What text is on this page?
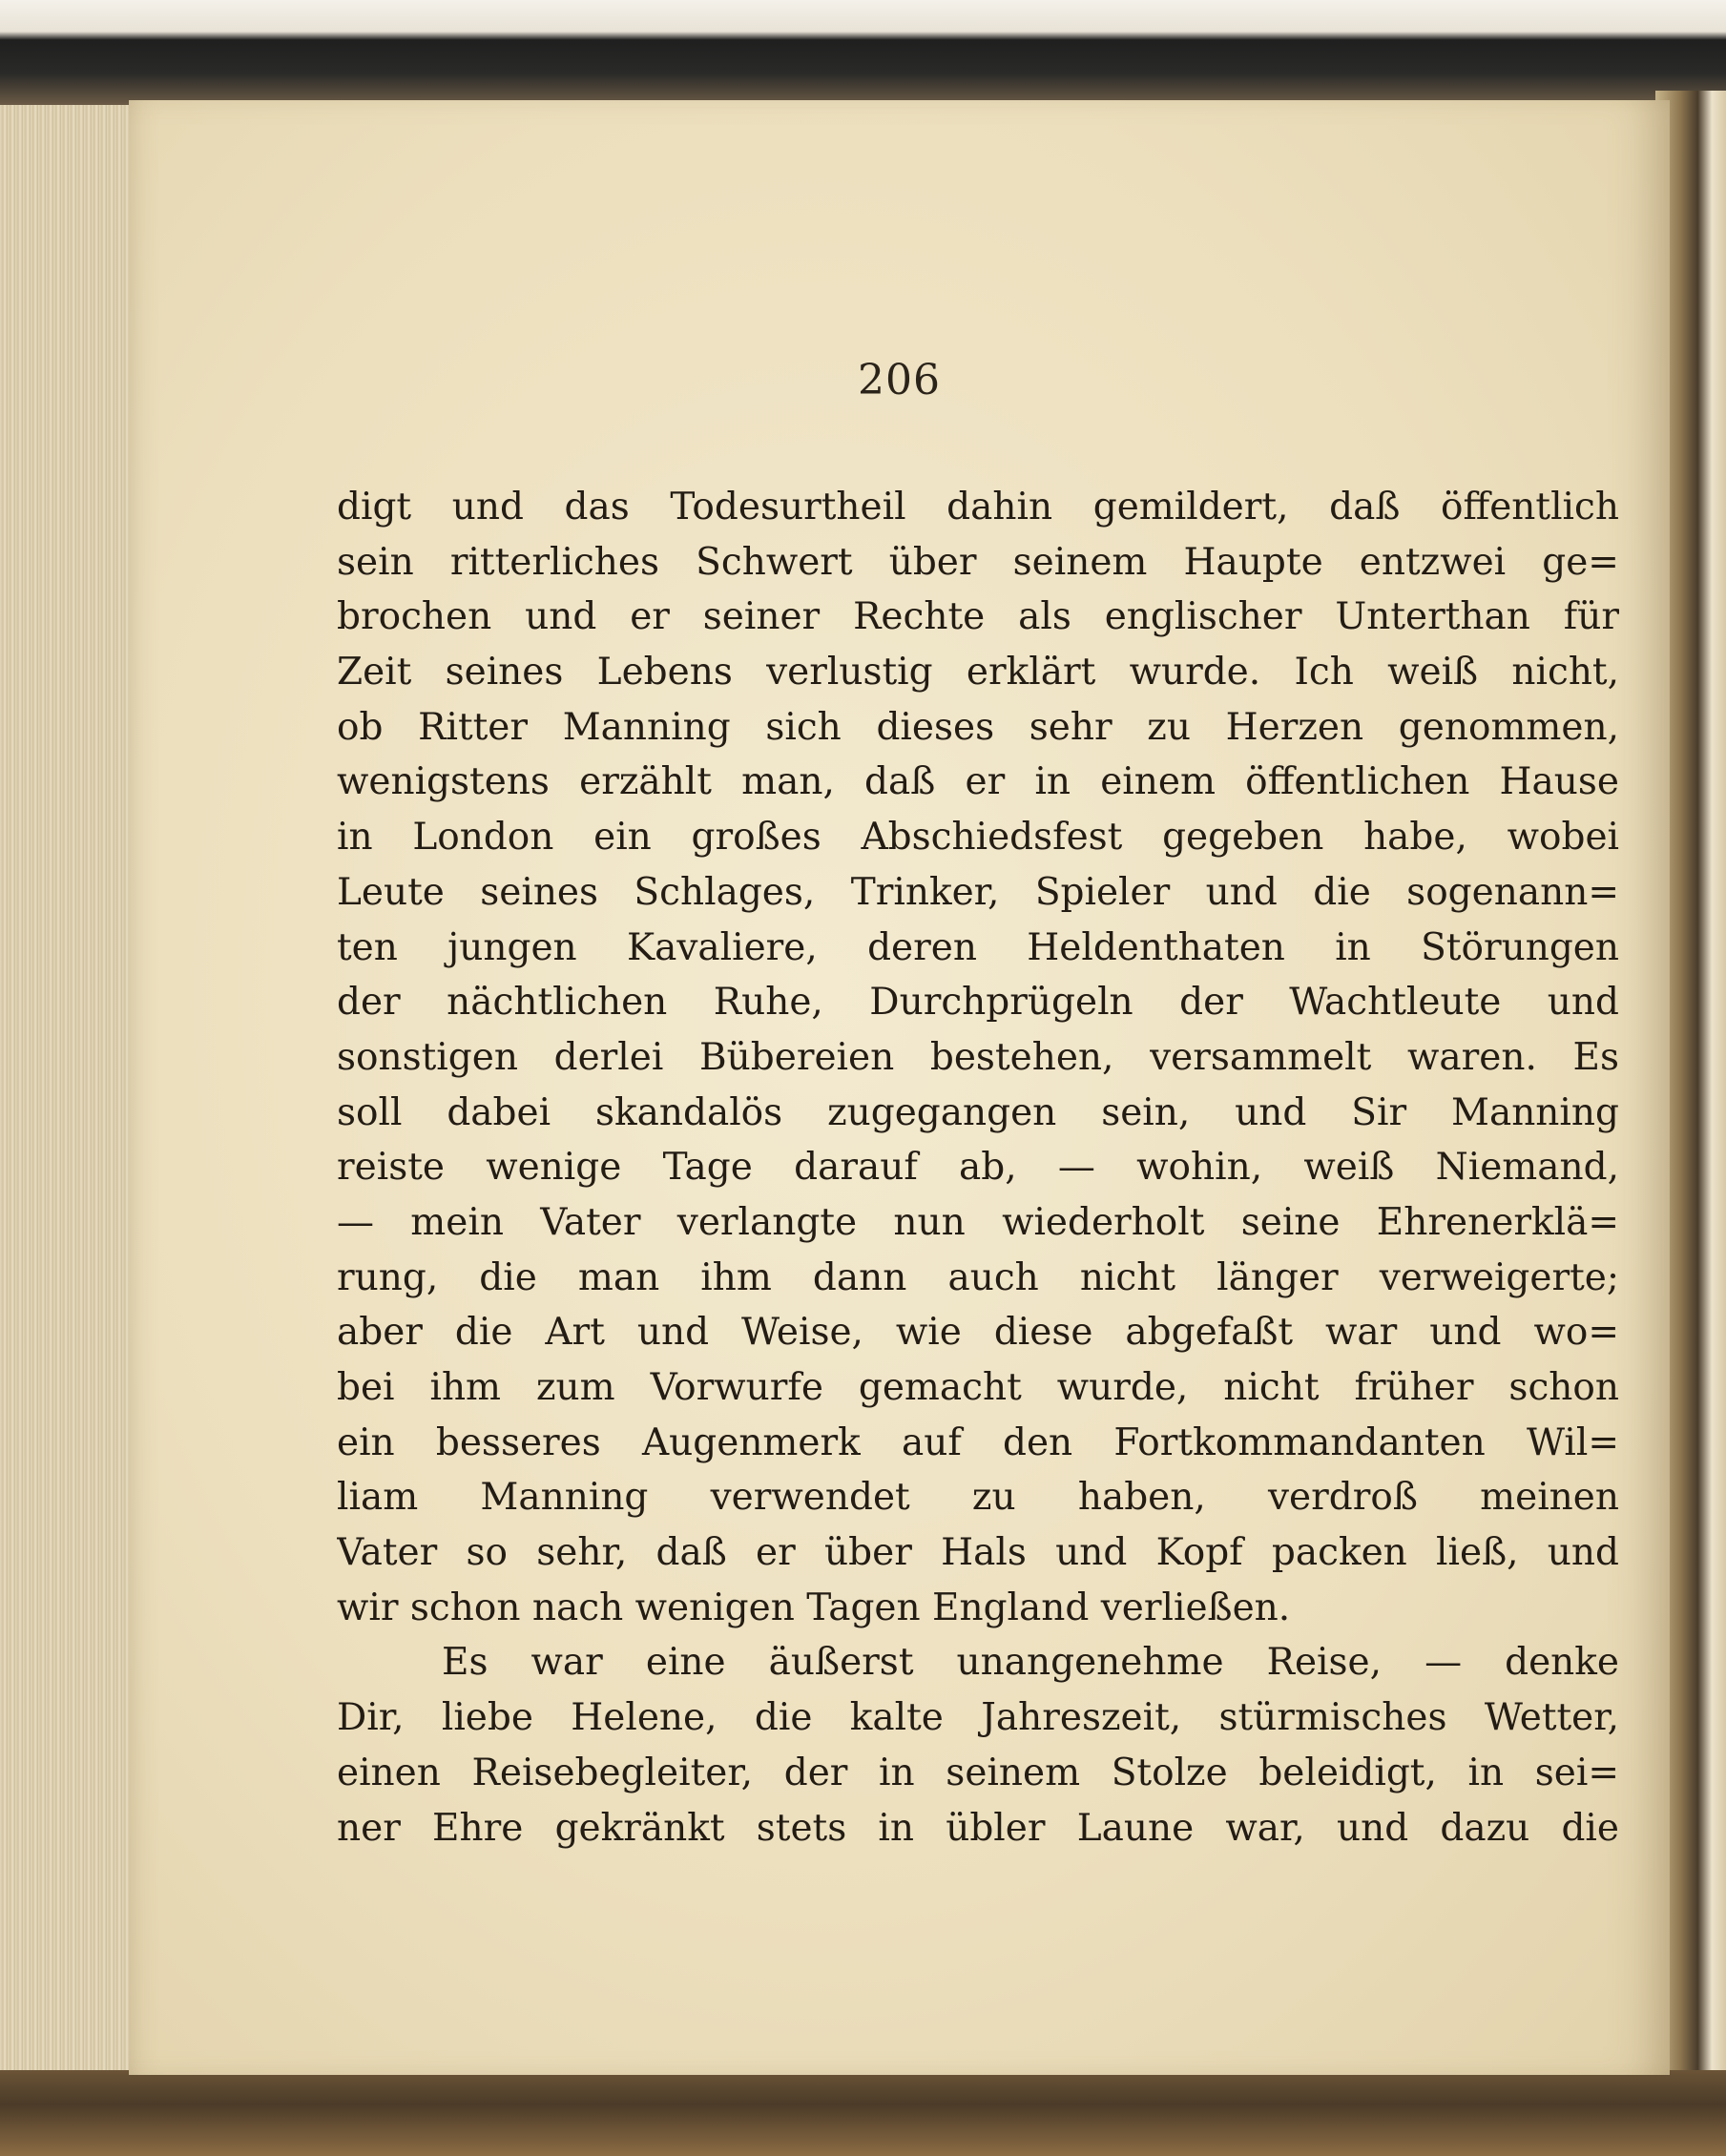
206
digt und das Todesurtheil dahin gemildert, daß öffentlich
sein ritterliches Schwert über seinem Haupte entzwei ge=
brochen und er seiner Rechte als englischer Unterthan für
Zeit seines Lebens verlustig erklärt wurde. Ich weiß nicht,
ob Ritter Manning sich dieses sehr zu Herzen genommen,
wenigstens erzählt man, daß er in einem öffentlichen Hause
in London ein großes Abschiedsfest gegeben habe, wobei
Leute seines Schlages, Trinker, Spieler und die sogenann=
ten jungen Kavaliere, deren Heldenthaten in Störungen
der nächtlichen Ruhe, Durchprügeln der Wachtleute und
sonstigen derlei Bübereien bestehen, versammelt waren. Es
soll dabei skandalös zugegangen sein, und Sir Manning
reiste wenige Tage darauf ab, — wohin, weiß Niemand,
— mein Vater verlangte nun wiederholt seine Ehrenerklä=
rung, die man ihm dann auch nicht länger verweigerte;
aber die Art und Weise, wie diese abgefaßt war und wo=
bei ihm zum Vorwurfe gemacht wurde, nicht früher schon
ein besseres Augenmerk auf den Fortkommandanten Wil=
liam Manning verwendet zu haben, verdroß meinen
Vater so sehr, daß er über Hals und Kopf packen ließ, und
wir schon nach wenigen Tagen England verließen.
Es war eine äußerst unangenehme Reise, — denke
Dir, liebe Helene, die kalte Jahreszeit, stürmisches Wetter,
einen Reisebegleiter, der in seinem Stolze beleidigt, in sei=
ner Ehre gekränkt stets in übler Laune war, und dazu die
